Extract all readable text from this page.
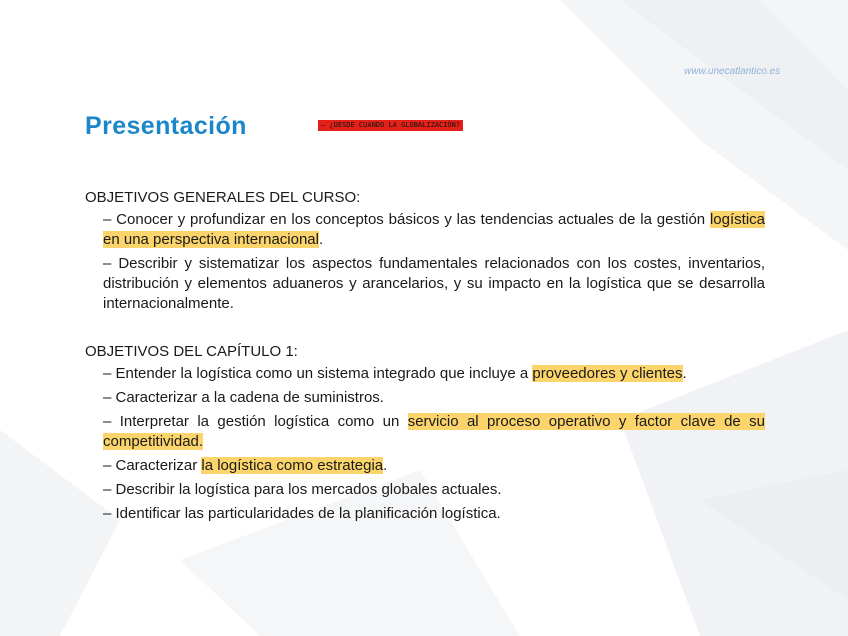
www.unecatlantico.es
Presentación	– ¿DESDE CUANDO LA GLOBALIZACIÓN?
OBJETIVOS GENERALES DEL CURSO:
– Conocer y profundizar en los conceptos básicos y las tendencias actuales de la gestión logística en una perspectiva internacional.
– Describir y sistematizar los aspectos fundamentales relacionados con los costes, inventarios, distribución y elementos aduaneros y arancelarios, y su impacto en la logística que se desarrolla internacionalmente.
OBJETIVOS DEL CAPÍTULO 1:
– Entender la logística como un sistema integrado que incluye a proveedores y clientes.
– Caracterizar a la cadena de suministros.
– Interpretar la gestión logística como un servicio al proceso operativo y factor clave de su competitividad.
– Caracterizar la logística como estrategia.
– Describir la logística para los mercados globales actuales.
– Identificar las particularidades de la planificación logística.
